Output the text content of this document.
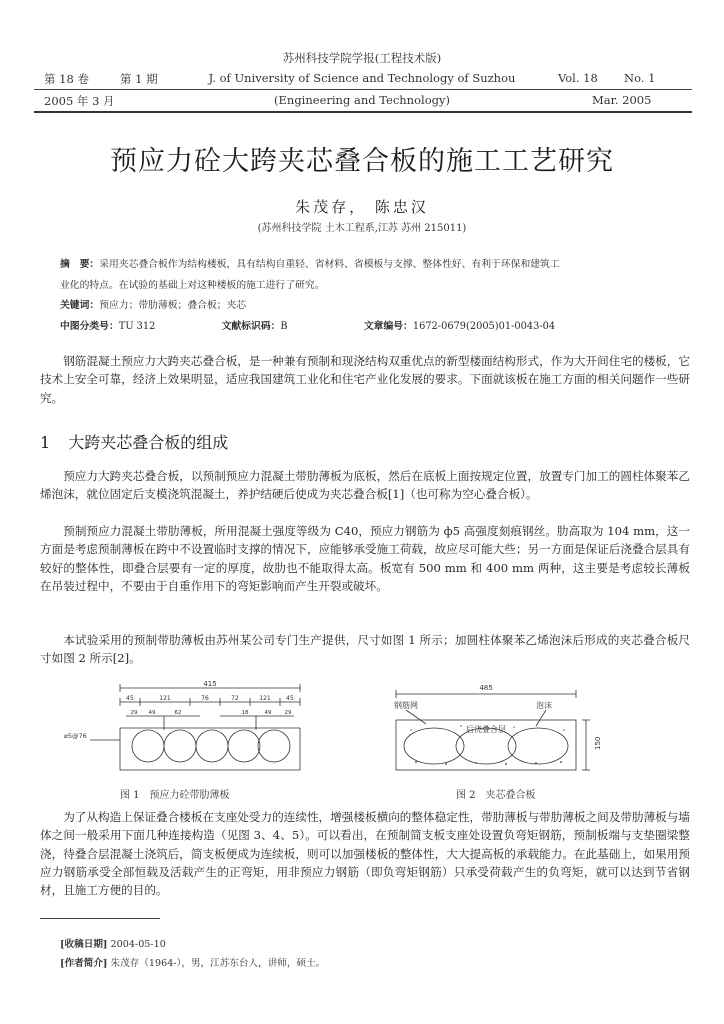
苏州科技学院学报(工程技术版)
J. of University of Science and Technology of Suzhou
(Engineering and Technology)
第 18 卷	第 1 期
2005 年 3 月
Vol. 18 No. 1
Mar. 2005
预应力砼大跨夹芯叠合板的施工工艺研究
朱茂存， 陈忠汉
(苏州科技学院 土木工程系,江苏 苏州 215011)
摘　要：采用夹芯叠合板作为结构楼板，具有结构自重轻、省材料、省模板与支撑、整体性好、有利于环保和建筑工
业化的特点。在试验的基础上对这种楼板的施工进行了研究。
关键词：预应力；带肋薄板；叠合板；夹芯
中图分类号：TU 312	文献标识码：B	文章编号：1672-0679(2005)01-0043-04
钢筋混凝土预应力大跨夹芯叠合板，是一种兼有预制和现浇结构双重优点的新型楼面结构形式，作为大开间住宅的楼板，它技术上安全可靠，经济上效果明显，适应我国建筑工业化和住宅产业化发展的要求。下面就该板在施工方面的相关问题作一些研究。
1 大跨夹芯叠合板的组成
预应力大跨夹芯叠合板，以预制预应力混凝土带肋薄板为底板，然后在底板上面按规定位置，放置专门加工的圆柱体聚苯乙烯泡沫，就位固定后支模浇筑混凝土，养护结硬后使成为夹芯叠合板[1]（也可称为空心叠合板）。
预制预应力混凝土带肋薄板，所用混凝土强度等级为 C40，预应力钢筋为 ф5 高强度刻痕钢丝。肋高取为 104 mm，这一方面是考虑预制薄板在跨中不设置临时支撑的情况下，应能够承受施工荷载，故应尽可能大些；另一方面是保证后浇叠合层具有较好的整体性，即叠合层要有一定的厚度，故肋也不能取得太高。板宽有 500 mm 和 400 mm 两种，这主要是考虑较长薄板在吊装过程中，不要由于自重作用下的弯矩影响而产生开裂或破坏。
本试验采用的预制带肋薄板由苏州某公司专门生产提供，尺寸如图 1 所示；加圆柱体聚苯乙烯泡沫后形成的夹芯叠合板尺寸如图 2 所示[2]。
415
45	121	76	72	121	45
29 49	62	18	49 29
⌀5@76
图 1　预应力砼带肋薄板
485
钢筋网	泡沫
后浇叠合层
150
图 2　夹芯叠合板
为了从构造上保证叠合楼板在支座处受力的连续性，增强楼板横向的整体稳定性，带肋薄板与带肋薄板之间及带肋薄板与墙体之间一般采用下面几种连接构造（见图 3、4、5）。可以看出，在预制简支板支座处设置负弯矩钢筋，预制板端与支垫圈梁整浇，待叠合层混凝土浇筑后，简支板便成为连续板，则可以加强楼板的整体性，大大提高板的承载能力。在此基础上，如果用预应力钢筋承受全部恒载及活载产生的正弯矩，用非预应力钢筋（即负弯矩钢筋）只承受荷载产生的负弯矩，就可以达到节省钢材，且施工方便的目的。
[收稿日期] 2004-05-10
[作者简介] 朱茂存（1964-），男，江苏东台人，讲师，硕士。
